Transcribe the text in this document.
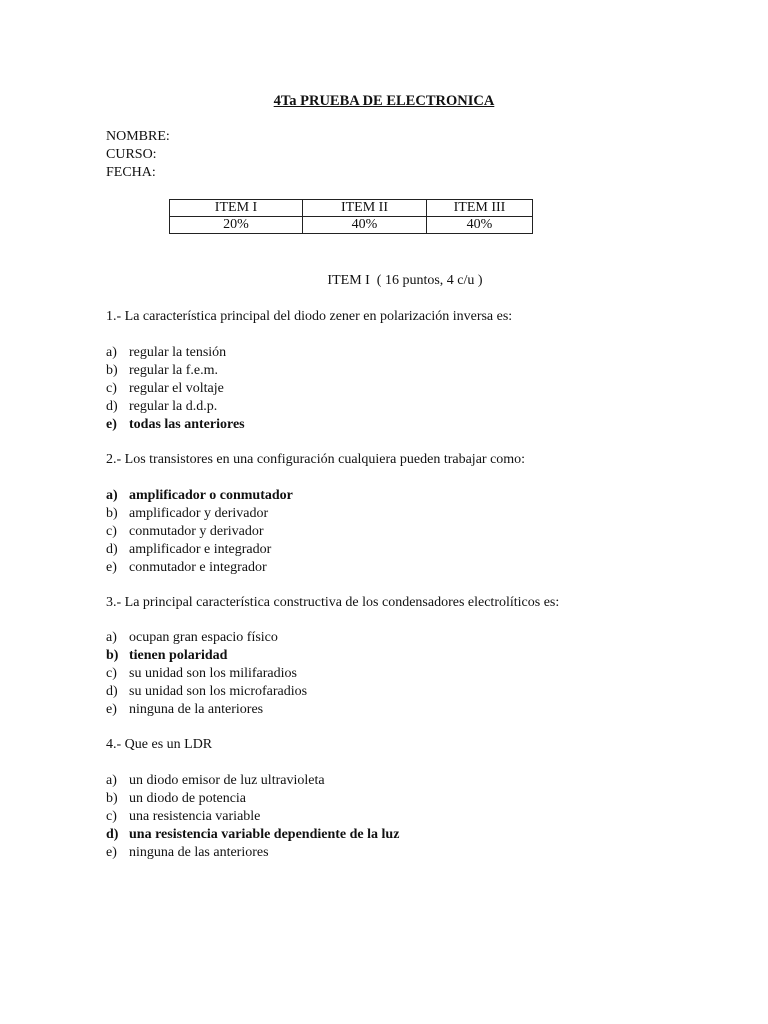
4Ta PRUEBA DE ELECTRONICA
NOMBRE:
CURSO:
FECHA:
ITEM I	ITEM II	ITEM III
20%	40%	40%
ITEM I  ( 16 puntos, 4 c/u )
1.- La característica principal del diodo zener en polarización inversa es:
a) regular la tensión
b) regular la f.e.m.
c) regular el voltaje
d) regular la d.d.p.
e) todas las anteriores
2.- Los transistores en una configuración cualquiera pueden trabajar como:
a) amplificador o conmutador
b) amplificador y derivador
c) conmutador y derivador
d) amplificador e integrador
e) conmutador e integrador
3.- La principal característica constructiva de los condensadores electrolíticos es:
a) ocupan gran espacio físico
b) tienen polaridad
c) su unidad son los milifaradios
d) su unidad son los microfaradios
e) ninguna de la anteriores
4.- Que es un LDR
a) un diodo emisor de luz ultravioleta
b) un diodo de potencia
c) una resistencia variable
d) una resistencia variable dependiente de la luz
e) ninguna de las anteriores
